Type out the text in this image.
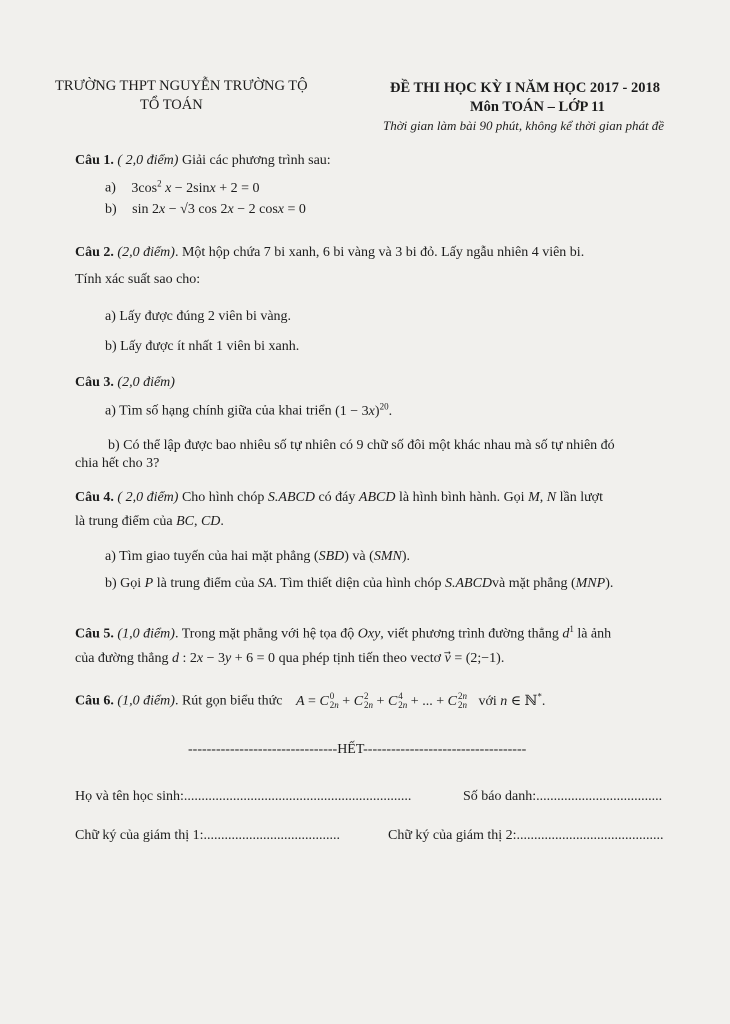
TRƯỜNG THPT NGUYỄN TRƯỜNG TỘ
TỔ TOÁN
ĐỀ THI HỌC KỲ I NĂM HỌC 2017 - 2018
Môn TOÁN – LỚP 11
Thời gian làm bài 90 phút, không kể thời gian phát đề
Câu 1. ( 2,0 điểm) Giải các phương trình sau:
a) $3\cos^2$ x − 2sinx + 2 = 0
b) sin 2x − √3 cos 2x − 2 cosx = 0
Câu 2. (2,0 điểm). Một hộp chứa 7 bi xanh, 6 bi vàng và 3 bi đỏ. Lấy ngẫu nhiên 4 viên bi.
Tính xác suất sao cho:
a) Lấy được đúng 2 viên bi vàng.
b) Lấy được ít nhất 1 viên bi xanh.
Câu 3. (2,0 điểm)
a) Tìm số hạng chính giữa của khai triển $(1 - 3x)^{20}$.
b) Có thể lập được bao nhiêu số tự nhiên có 9 chữ số đôi một khác nhau mà số tự nhiên đó
chia hết cho 3?
Câu 4. ( 2,0 điểm) Cho hình chóp S.ABCD có đáy ABCD là hình bình hành. Gọi M, N lần lượt
là trung điểm của BC, CD.
a) Tìm giao tuyến của hai mặt phẳng (SBD) và (SMN).
b) Gọi P là trung điểm của SA. Tìm thiết diện của hình chóp S.ABCDvà mặt phẳng (MNP).
Câu 5. (1,0 điểm). Trong mặt phẳng với hệ tọa độ Oxy, viết phương trình đường thẳng $d^1$ là ảnh
của đường thẳng d : 2x − 3y + 6 = 0 qua phép tịnh tiến theo vectơ v⃗ = (2;−1).
Câu 6. (1,0 điểm). Rút gọn biểu thức A = C 0
2n + C 2
2n + C 4
2n + ... + C 2n
2n với n ∈ ℕ*.
--------------------------------HẾT-----------------------------------
Họ và tên học sinh:.................................................................	Số báo danh:....................................
Chữ ký của giám thị 1:.......................................	Chữ ký của giám thị 2:..........................................
